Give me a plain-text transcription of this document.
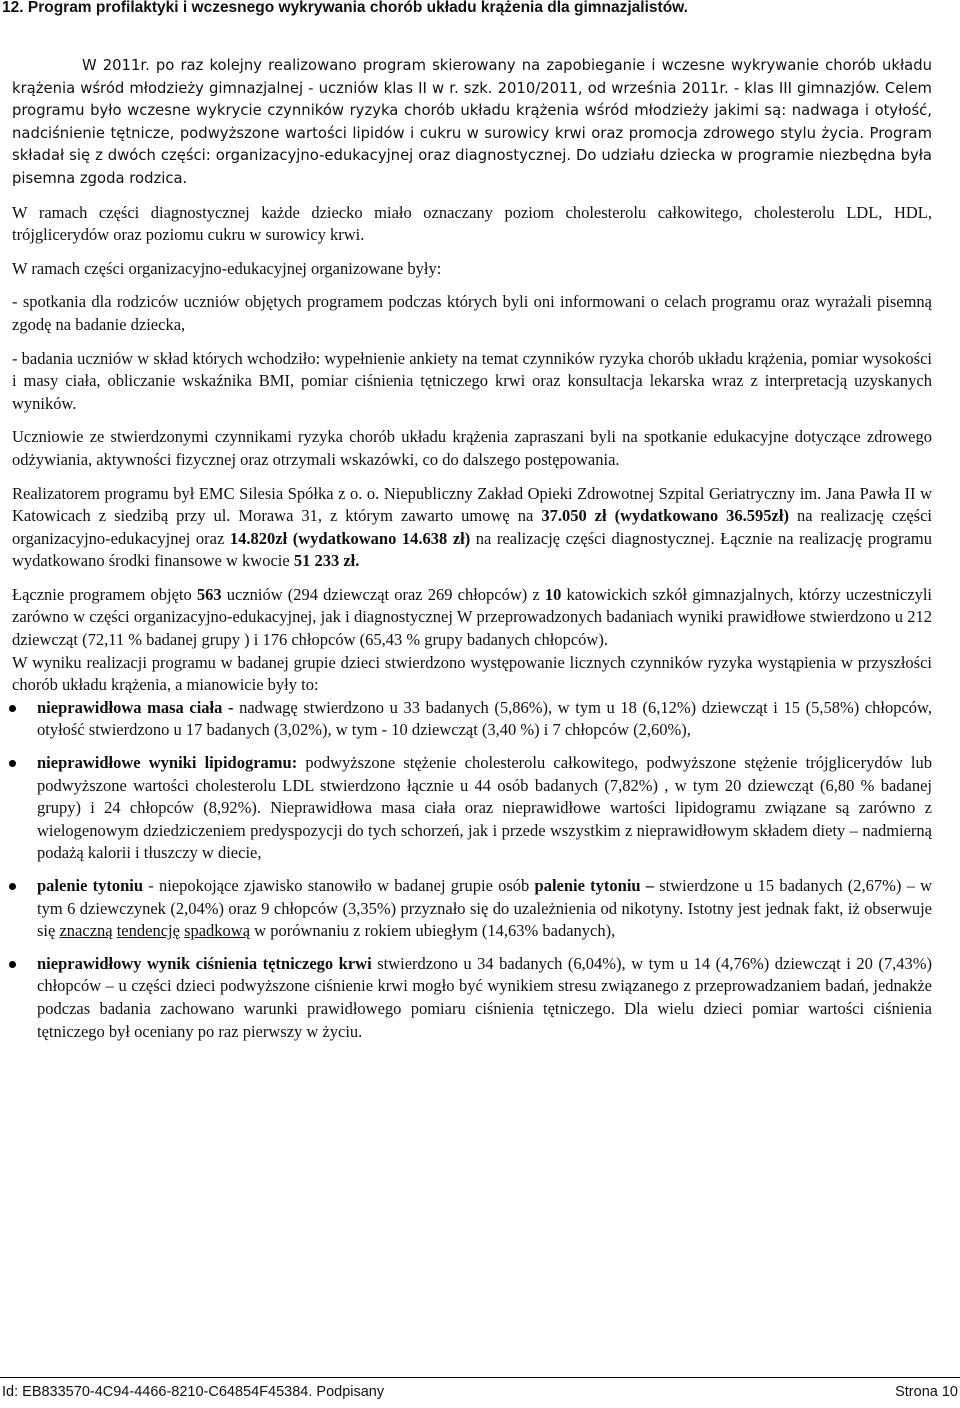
12. Program profilaktyki i wczesnego wykrywania chorób układu krążenia dla gimnazjalistów.

W 2011r. po raz kolejny realizowano program skierowany na zapobieganie i wczesne wykrywanie chorób układu krążenia wśród młodzieży gimnazjalnej - uczniów klas II w r. szk. 2010/2011, od września 2011r. - klas III gimnazjów. Celem programu było wczesne wykrycie czynników ryzyka chorób układu krążenia wśród młodzieży jakimi są: nadwaga i otyłość, nadciśnienie tętnicze, podwyższone wartości lipidów i cukru w surowicy krwi oraz promocja zdrowego stylu życia. Program składał się z dwóch części: organizacyjno-edukacyjnej oraz diagnostycznej. Do udziału dziecka w programie niezbędna była pisemna zgoda rodzica.

W ramach części diagnostycznej każde dziecko miało oznaczany poziom cholesterolu całkowitego, cholesterolu LDL, HDL, trójglicerydów oraz poziomu cukru w surowicy krwi.

W ramach części organizacyjno-edukacyjnej organizowane były:

- spotkania dla rodziców uczniów objętych programem podczas których byli oni informowani o celach programu oraz wyrażali pisemną zgodę na badanie dziecka,

- badania uczniów w skład których wchodziło: wypełnienie ankiety na temat czynników ryzyka chorób układu krążenia, pomiar wysokości i masy ciała, obliczanie wskaźnika BMI, pomiar ciśnienia tętniczego krwi oraz konsultacja lekarska wraz z interpretacją uzyskanych wyników.

Uczniowie ze stwierdzonymi czynnikami ryzyka chorób układu krążenia zapraszani byli na spotkanie edukacyjne dotyczące zdrowego odżywiania, aktywności fizycznej oraz otrzymali wskazówki, co do dalszego postępowania.

Realizatorem programu był EMC Silesia Spółka z o. o. Niepubliczny Zakład Opieki Zdrowotnej Szpital Geriatryczny im. Jana Pawła II w Katowicach z siedzibą przy ul. Morawa 31, z którym zawarto umowę na 37.050 zł (wydatkowano 36.595zł) na realizację części organizacyjno-edukacyjnej oraz 14.820zł (wydatkowano 14.638 zł) na realizację części diagnostycznej. Łącznie na realizację programu wydatkowano środki finansowe w kwocie 51 233 zł.

Łącznie programem objęto 563 uczniów (294 dziewcząt oraz 269 chłopców) z 10 katowickich szkół gimnazjalnych, którzy uczestniczyli zarówno w części organizacyjno-edukacyjnej, jak i diagnostycznej W przeprowadzonych badaniach wyniki prawidłowe stwierdzono u 212 dziewcząt (72,11 % badanej grupy ) i 176 chłopców (65,43 % grupy badanych chłopców).

W wyniku realizacji programu w badanej grupie dzieci stwierdzono występowanie licznych czynników ryzyka wystąpienia w przyszłości chorób układu krążenia, a mianowicie były to:

nieprawidłowa masa ciała - nadwagę stwierdzono u 33 badanych (5,86%), w tym u 18 (6,12%) dziewcząt i 15 (5,58%) chłopców, otyłość stwierdzono u 17 badanych (3,02%), w tym - 10 dziewcząt (3,40 %) i 7 chłopców (2,60%),
nieprawidłowe wyniki lipidogramu: podwyższone stężenie cholesterolu całkowitego, podwyższone stężenie trójglicerydów lub podwyższone wartości cholesterolu LDL stwierdzono łącznie u 44 osób badanych (7,82%) , w tym 20 dziewcząt (6,80 % badanej grupy) i 24 chłopców (8,92%). Nieprawidłowa masa ciała oraz nieprawidłowe wartości lipidogramu związane są zarówno z wielogenowym dziedziczeniem predyspozycji do tych schorzeń, jak i przede wszystkim z nieprawidłowym składem diety – nadmierną podażą kalorii i tłuszczy w diecie,
palenie tytoniu - niepokojące zjawisko stanowiło w badanej grupie osób palenie tytoniu – stwierdzone u 15 badanych (2,67%) – w tym 6 dziewczynek (2,04%) oraz 9 chłopców (3,35%) przyznało się do uzależnienia od nikotyny. Istotny jest jednak fakt, iż obserwuje się znaczną tendencję spadkową w porównaniu z rokiem ubiegłym (14,63% badanych),
nieprawidłowy wynik ciśnienia tętniczego krwi stwierdzono u 34 badanych (6,04%), w tym u 14 (4,76%) dziewcząt i 20 (7,43%) chłopców – u części dzieci podwyższone ciśnienie krwi mogło być wynikiem stresu związanego z przeprowadzaniem badań, jednakże podczas badania zachowano warunki prawidłowego pomiaru ciśnienia tętniczego. Dla wielu dzieci pomiar wartości ciśnienia tętniczego był oceniany po raz pierwszy w życiu.
Id: EB833570-4C94-4466-8210-C64854F45384. Podpisany	Strona 10
